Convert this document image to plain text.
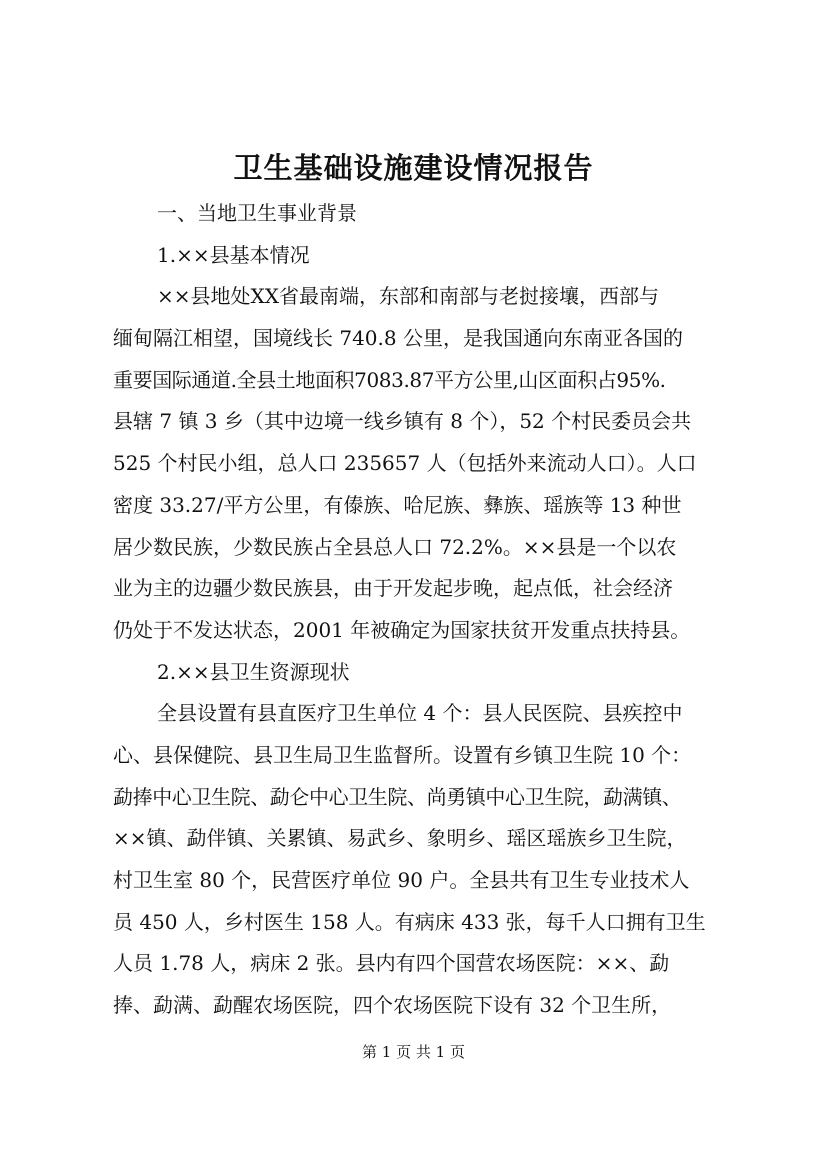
卫生基础设施建设情况报告
一、当地卫生事业背景
1.××县基本情况
××县地处XX省最南端，东部和南部与老挝接壤，西部与
缅甸隔江相望，国境线长 740.8 公里，是我国通向东南亚各国的
重要国际通道.全县土地面积7083.87平方公里,山区面积占95%.
县辖 7 镇 3 乡（其中边境一线乡镇有 8 个），52 个村民委员会共
525 个村民小组，总人口 235657 人（包括外来流动人口）。人口
密度 33.27/平方公里，有傣族、哈尼族、彝族、瑶族等 13 种世
居少数民族，少数民族占全县总人口 72.2%。××县是一个以农
业为主的边疆少数民族县，由于开发起步晚，起点低，社会经济
仍处于不发达状态，2001 年被确定为国家扶贫开发重点扶持县。
2.××县卫生资源现状
全县设置有县直医疗卫生单位 4 个：县人民医院、县疾控中
心、县保健院、县卫生局卫生监督所。设置有乡镇卫生院 10 个：
勐捧中心卫生院、勐仑中心卫生院、尚勇镇中心卫生院，勐满镇、
××镇、勐伴镇、关累镇、易武乡、象明乡、瑶区瑶族乡卫生院，
村卫生室 80 个，民营医疗单位 90 户。全县共有卫生专业技术人
员 450 人，乡村医生 158 人。有病床 433 张，每千人口拥有卫生
人员 1.78 人，病床 2 张。县内有四个国营农场医院：××、勐
捧、勐满、勐醒农场医院，四个农场医院下设有 32 个卫生所，
第 1 页 共 1 页
